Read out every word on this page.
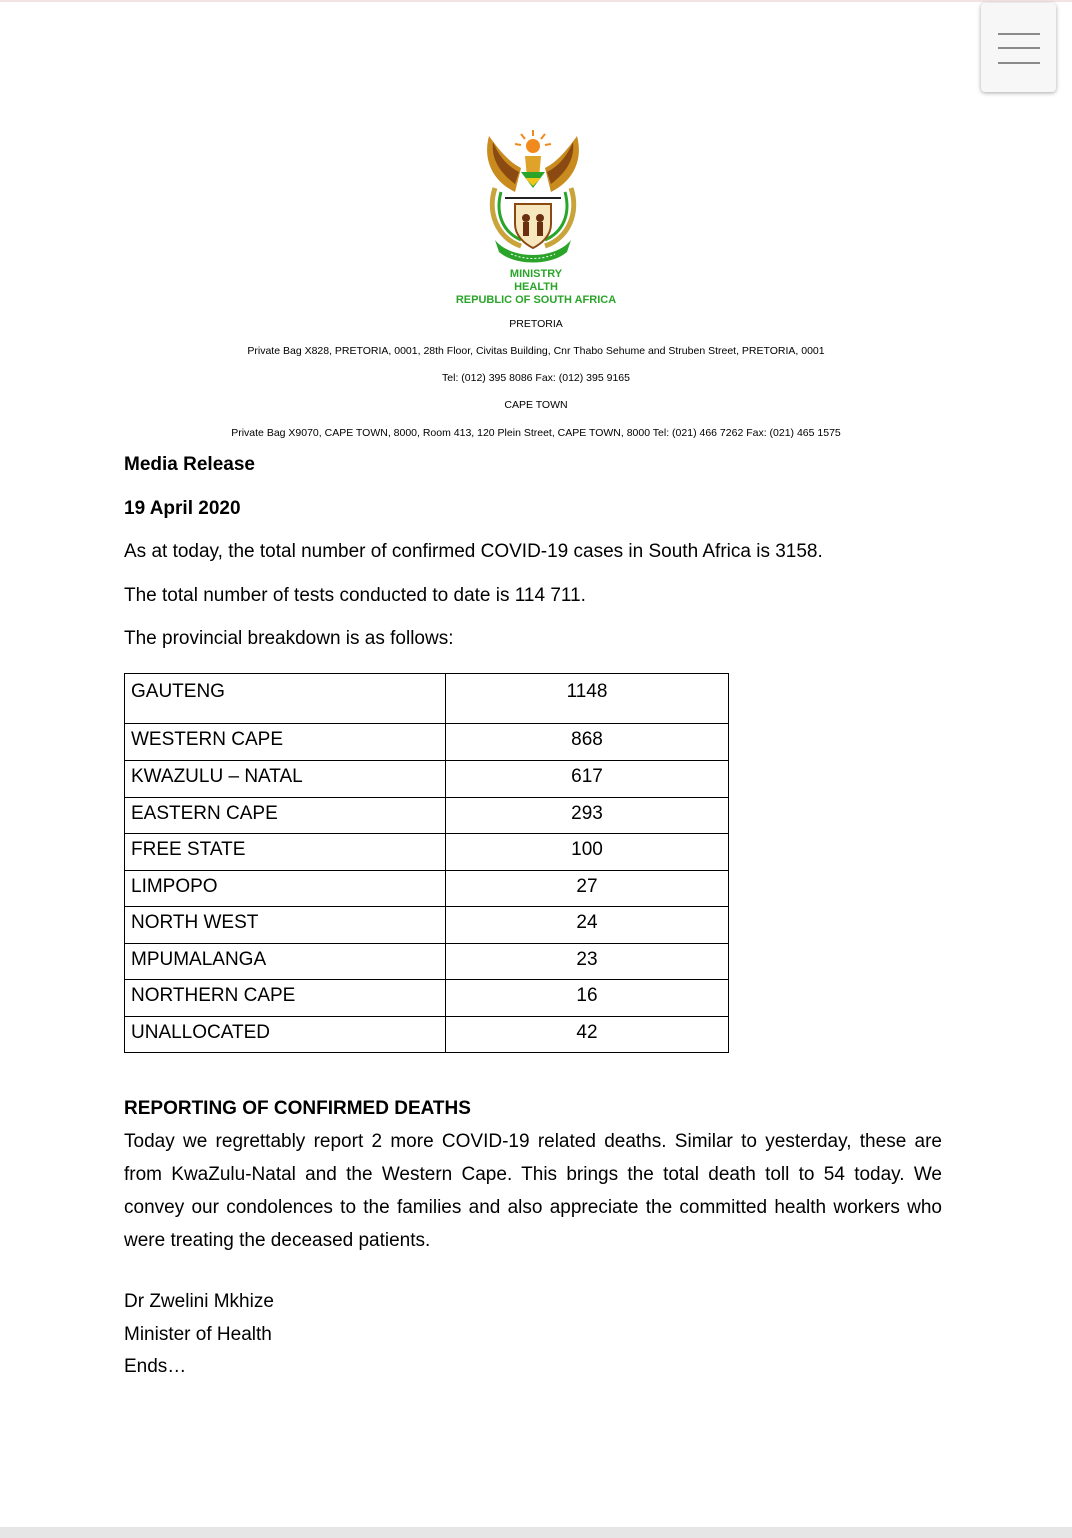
MINISTRY
HEALTH
REPUBLIC OF SOUTH AFRICA
PRETORIA
Private Bag X828, PRETORIA, 0001, 28th Floor, Civitas Building, Cnr Thabo Sehume and Struben Street, PRETORIA, 0001
Tel: (012) 395 8086 Fax: (012) 395 9165
CAPE TOWN
Private Bag X9070, CAPE TOWN, 8000, Room 413, 120 Plein Street, CAPE TOWN, 8000 Tel: (021) 466 7262 Fax: (021) 465 1575
Media Release
19 April 2020
As at today, the total number of confirmed COVID-19 cases in South Africa is 3158.
The total number of tests conducted to date is 114 711.
The provincial breakdown is as follows:
GAUTENG	1148
WESTERN CAPE	868
KWAZULU – NATAL	617
EASTERN CAPE	293
FREE STATE	100
LIMPOPO	27
NORTH WEST	24
MPUMALANGA	23
NORTHERN CAPE	16
UNALLOCATED	42
REPORTING OF CONFIRMED DEATHS
Today we regrettably report 2 more COVID-19 related deaths. Similar to yesterday, these are from KwaZulu-Natal and the Western Cape. This brings the total death toll to 54 today. We convey our condolences to the families and also appreciate the committed health workers who were treating the deceased patients.
Dr Zwelini Mkhize
Minister of Health
Ends…
